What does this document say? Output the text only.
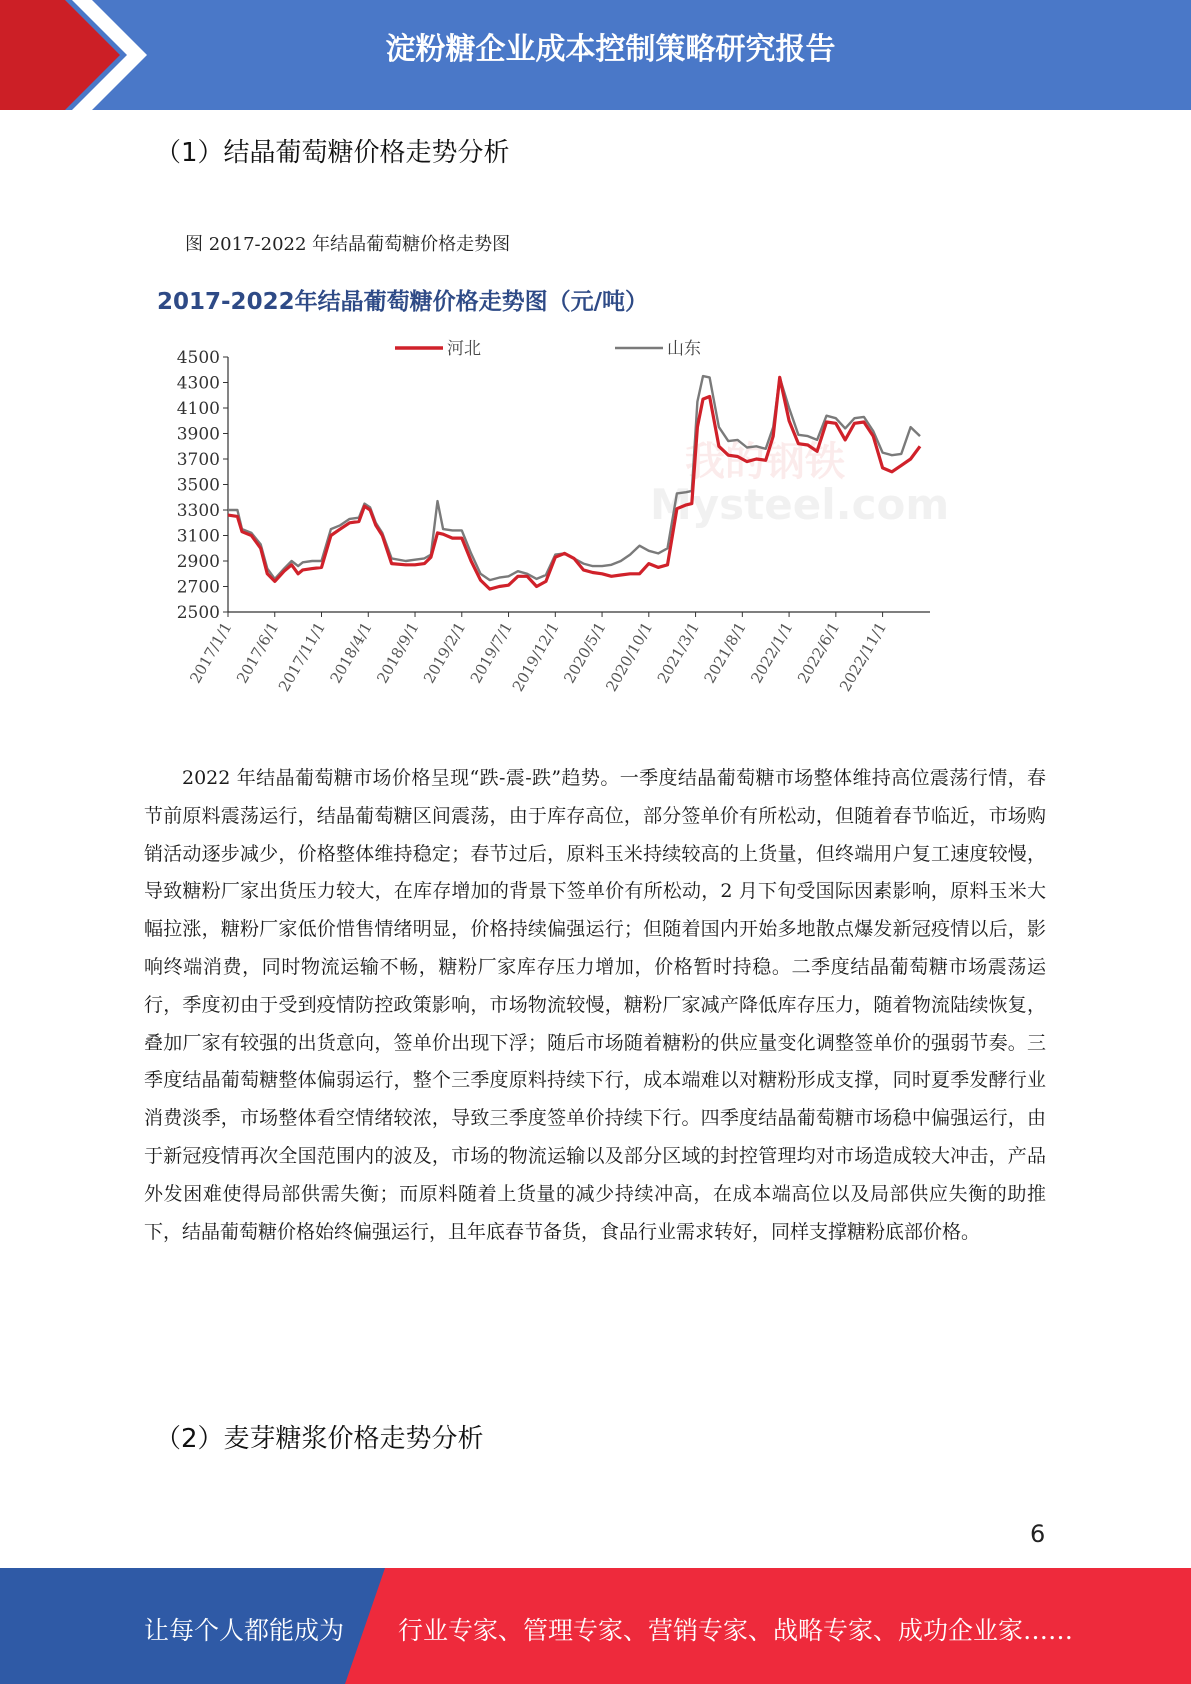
淀粉糖企业成本控制策略研究报告
（1）结晶葡萄糖价格走势分析
图 2017-2022 年结晶葡萄糖价格走势图
2017-2022年结晶葡萄糖价格走势图（元/吨）
我的钢铁
Mysteel.com
2500
2700
2900
3100
3300
3500
3700
3900
4100
4300
4500
2017/1/1
2017/6/1
2017/11/1
2018/4/1
2018/9/1
2019/2/1
2019/7/1
2019/12/1
2020/5/1
2020/10/1
2021/3/1
2021/8/1
2022/1/1
2022/6/1
2022/11/1
河北	山东
2022 年结晶葡萄糖市场价格呈现“跌-震-跌”趋势。一季度结晶葡萄糖市场整体维持高位震荡行情，春节前原料震荡运行，结晶葡萄糖区间震荡，由于库存高位，部分签单价有所松动，但随着春节临近，市场购销活动逐步减少，价格整体维持稳定；春节过后，原料玉米持续较高的上货量，但终端用户复工速度较慢，导致糖粉厂家出货压力较大，在库存增加的背景下签单价有所松动，2 月下旬受国际因素影响，原料玉米大幅拉涨，糖粉厂家低价惜售情绪明显，价格持续偏强运行；但随着国内开始多地散点爆发新冠疫情以后，影响终端消费，同时物流运输不畅，糖粉厂家库存压力增加，价格暂时持稳。二季度结晶葡萄糖市场震荡运行，季度初由于受到疫情防控政策影响，市场物流较慢，糖粉厂家减产降低库存压力，随着物流陆续恢复，叠加厂家有较强的出货意向，签单价出现下浮；随后市场随着糖粉的供应量变化调整签单价的强弱节奏。三季度结晶葡萄糖整体偏弱运行，整个三季度原料持续下行，成本端难以对糖粉形成支撑，同时夏季发酵行业消费淡季，市场整体看空情绪较浓，导致三季度签单价持续下行。四季度结晶葡萄糖市场稳中偏强运行，由于新冠疫情再次全国范围内的波及，市场的物流运输以及部分区域的封控管理均对市场造成较大冲击，产品外发困难使得局部供需失衡；而原料随着上货量的减少持续冲高，在成本端高位以及局部供应失衡的助推下，结晶葡萄糖价格始终偏强运行，且年底春节备货，食品行业需求转好，同样支撑糖粉底部价格。
（2）麦芽糖浆价格走势分析
6
让每个人都能成为 行业专家、管理专家、营销专家、战略专家、成功企业家……
